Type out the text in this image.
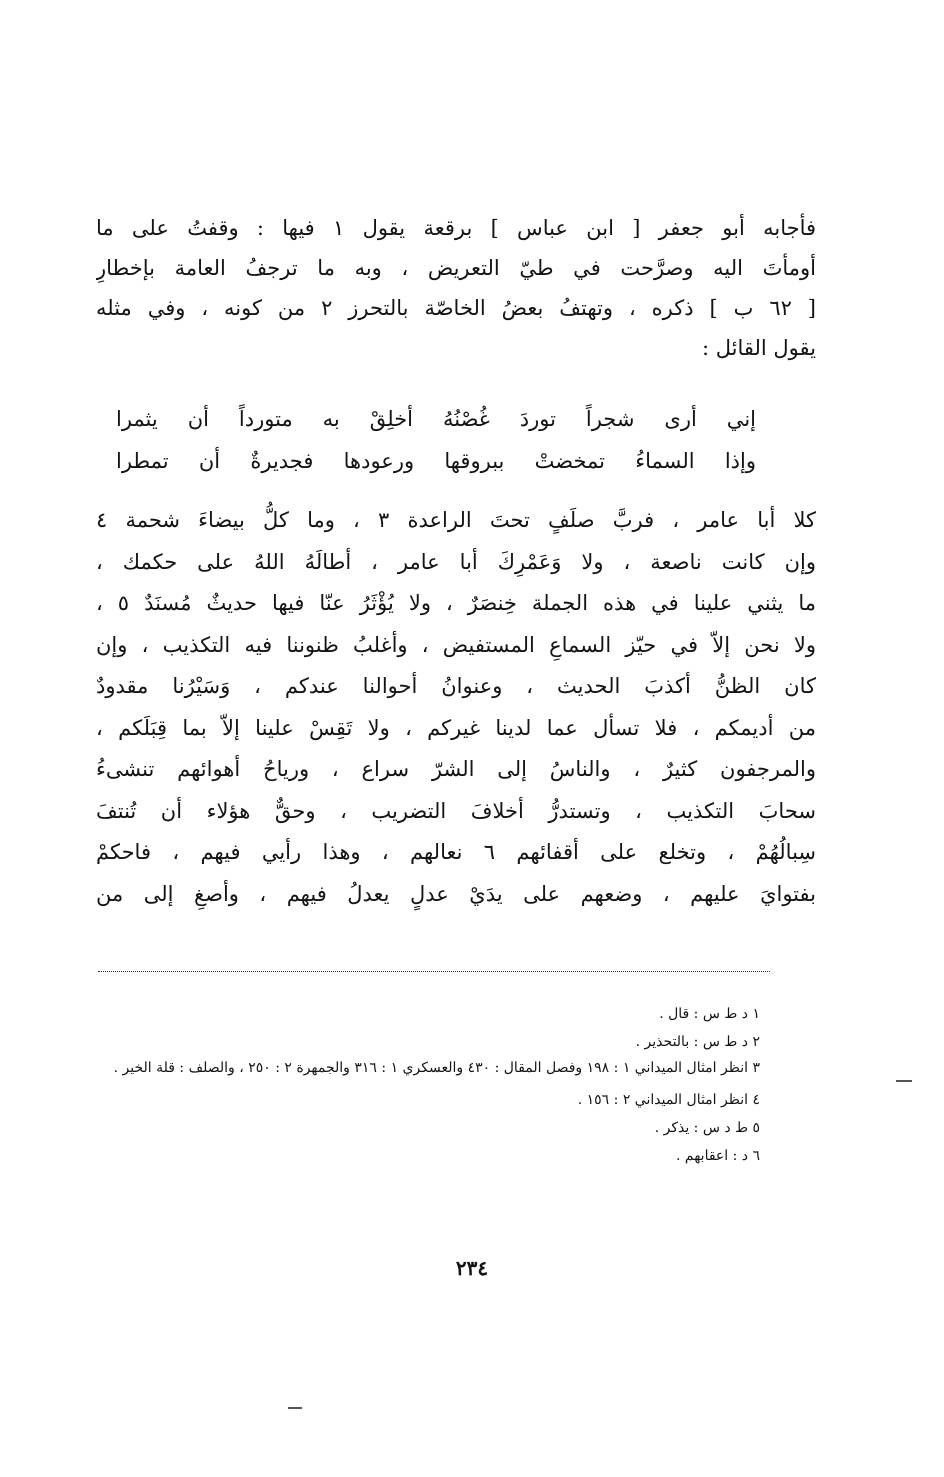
فأجابه أبو جعفر [ ابن عباس ] برقعة يقول ١ فيها : وقفتُ على ما
أومأتَ اليه وصرَّحت في طيّ التعريض ، وبه ما ترجفُ العامة بإخطارِ
[ ٦٢ ب ] ذكره ، وتهتفُ بعضُ الخاصّة بالتحرز ٢ من كونه ، وفي مثله
يقول القائل :
إني أرى شجراً توردَ غُصْنُهُ أخلِقْ به متورداً أن يثمرا
وإذا السماءُ تمخضتْ ببروقها ورعودها فجديرةٌ أن تمطرا
كلا أبا عامر ، فربَّ صلَفٍ تحتَ الراعدة ٣ ، وما كلُّ بيضاءَ شحمة ٤
وإن كانت ناصعة ، ولا وَعَمْرِكَ أبا عامر ، أطالَهُ اللهُ على حكمك ،
ما يثني علينا في هذه الجملة خِنصَرٌ ، ولا يُؤْثَرُ عنّا فيها حديثٌ مُسنَدٌ ٥ ،
ولا نحن إلاّ في حيّز السماعِ المستفيض ، وأغلبُ ظنوننا فيه التكذيب ، وإن
كان الظنُّ أكذبَ الحديث ، وعنوانُ أحوالنا عندكم ، وَسَيْرُنا مقدودٌ
من أديمكم ، فلا تسأل عما لدينا غيركم ، ولا تَقِسْ علينا إلاّ بما قِبَلَكم ،
والمرجفون كثيرٌ ، والناسُ إلى الشرّ سراع ، ورياحُ أهوائهم تنشىءُ
سحابَ التكذيب ، وتستدرُّ أخلافَ التضريب ، وحقٌّ هؤلاء أن تُنتفَ
سِبالُهُمْ ، وتخلع على أقفائهم ٦ نعالهم ، وهذا رأيي فيهم ، فاحكمْ
بفتوايَ عليهم ، وضعهم على يدَيْ عدلٍ يعدلُ فيهم ، وأصغِ إلى من
١ د ط س : قال .
٢ د ط س : بالتحذير .
٣ انظر امثال الميداني ١ : ١٩٨ وفصل المقال : ٤٣٠ والعسكري ١ : ٣١٦ والجمهرة ٢ : ٢٥٠ ، والصلف : قلة الخير .
٤ انظر امثال الميداني ٢ : ١٥٦ .
٥ ط د س : يذكر .
٦ د : اعقابهم .
٢٣٤
